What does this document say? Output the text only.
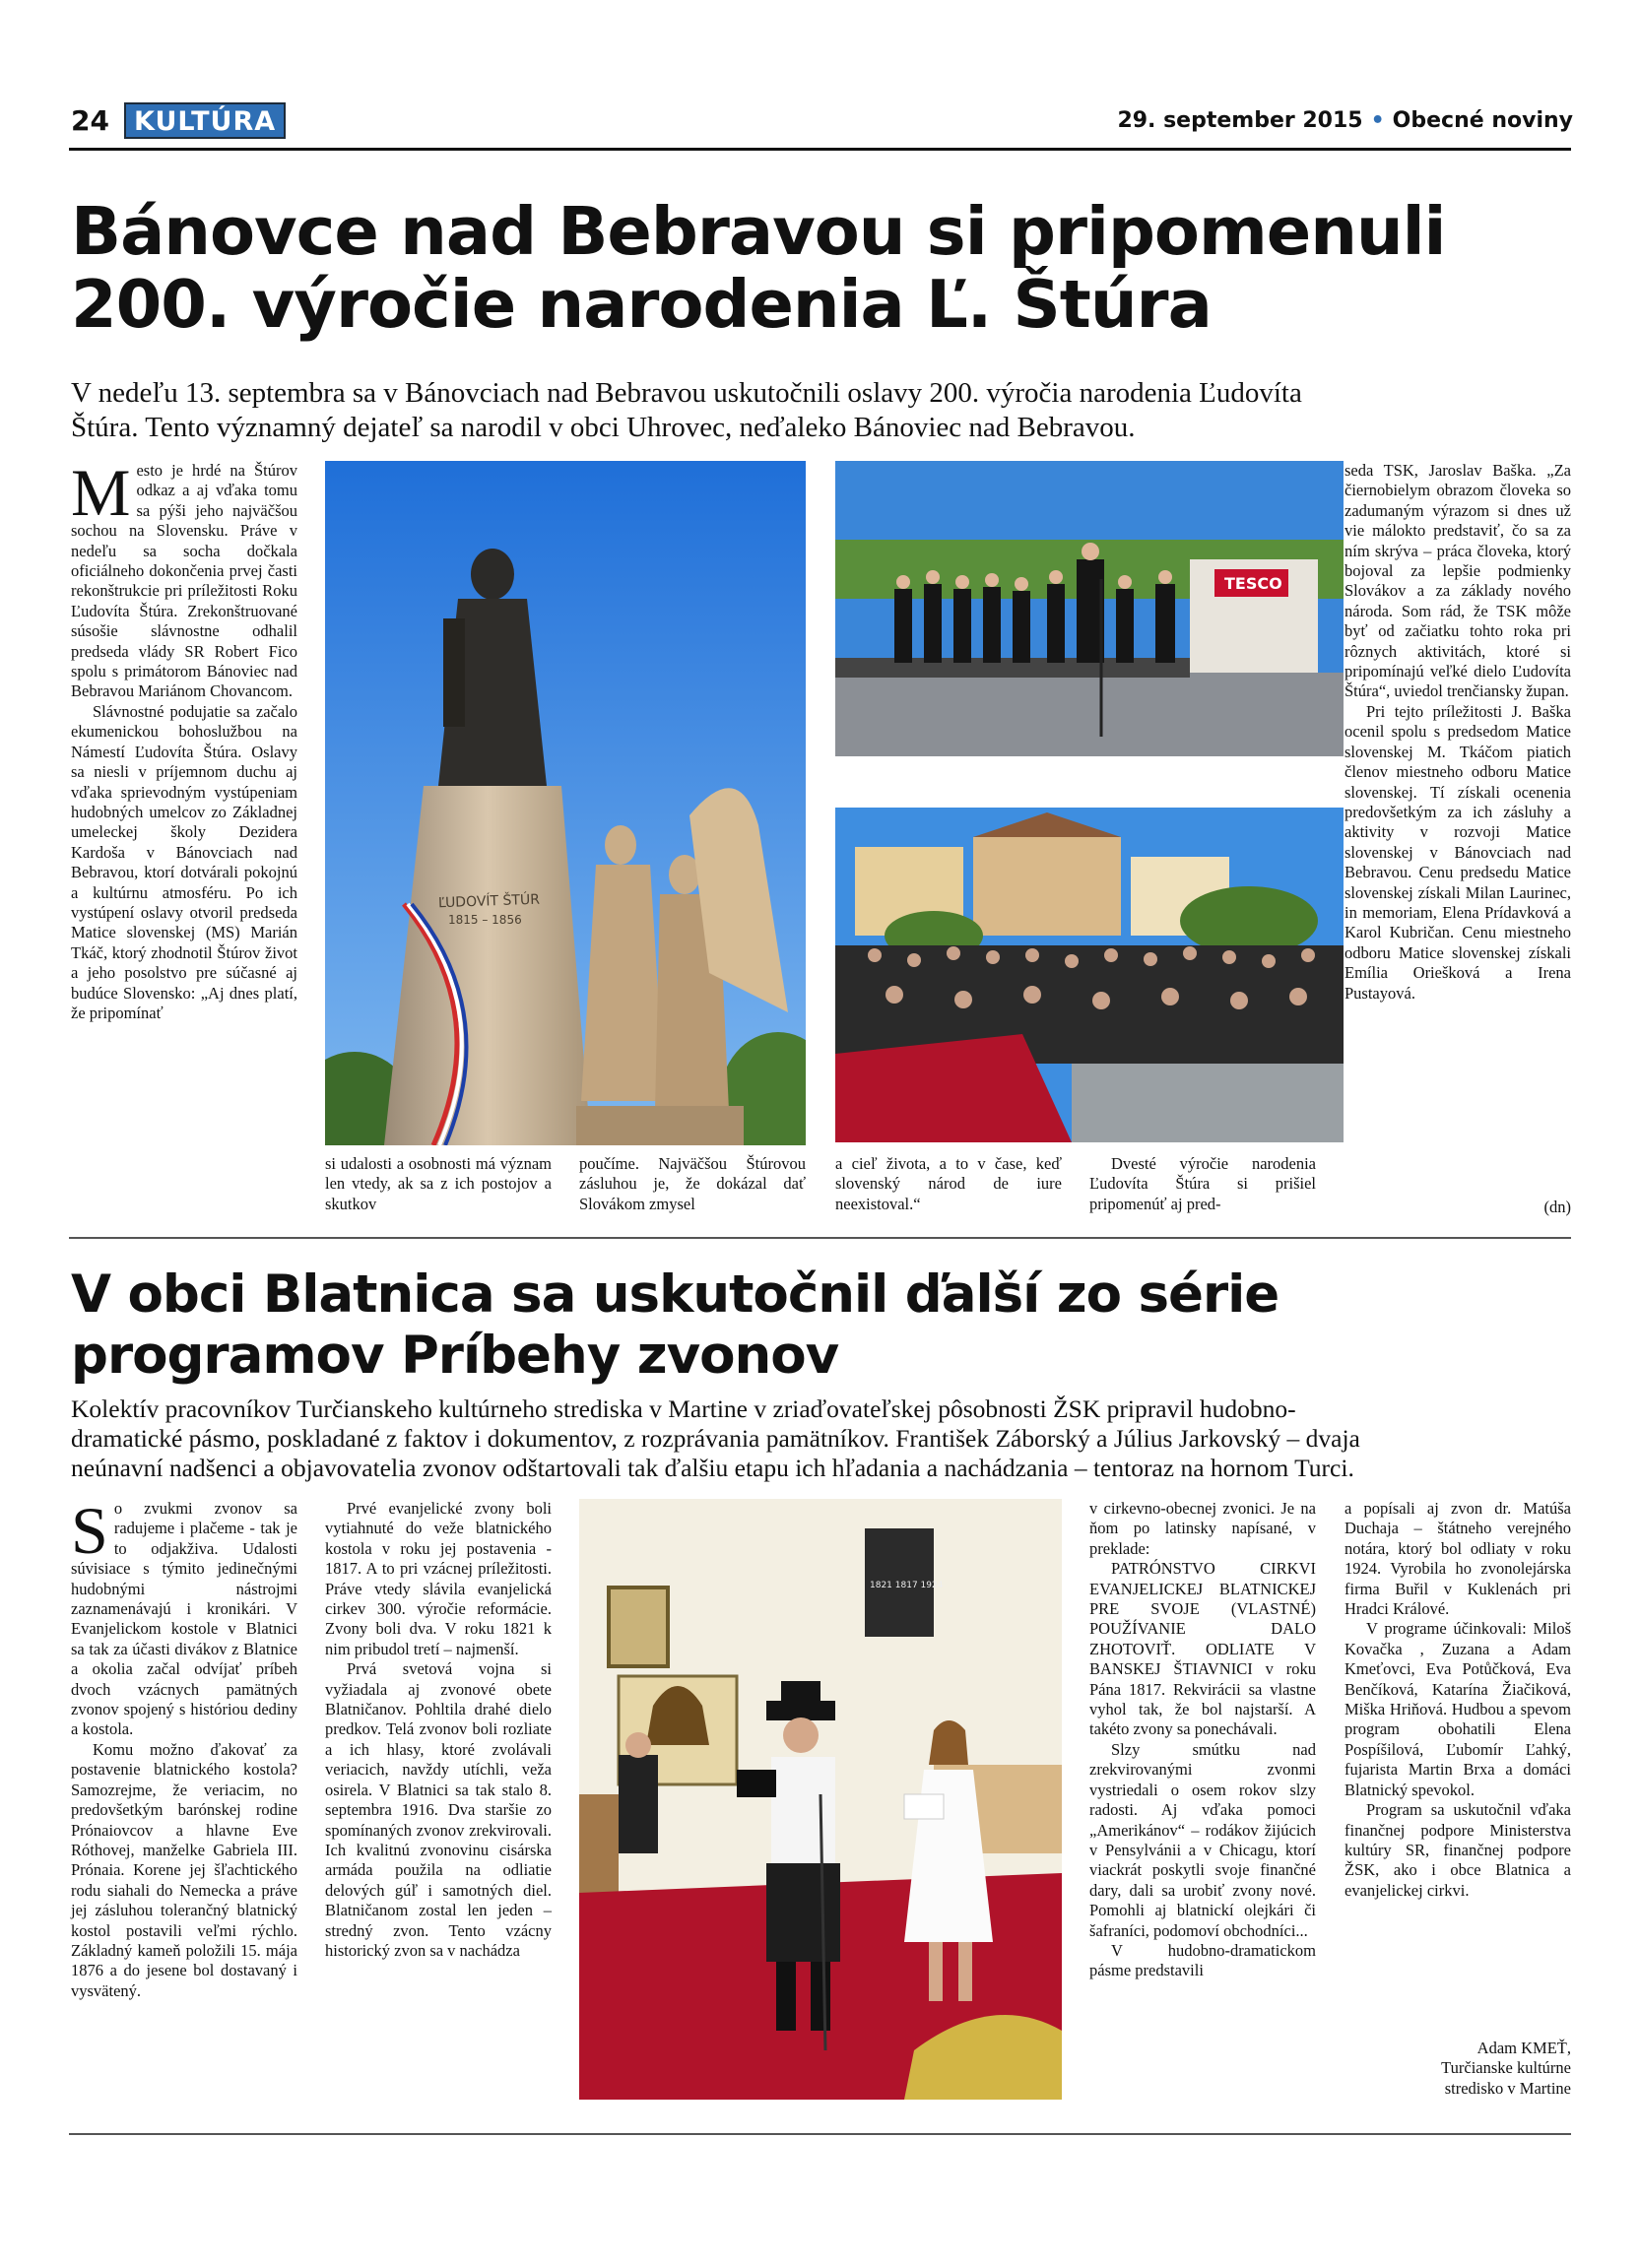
24 KULTÚRA	29. september 2015 • Obecné noviny
Bánovce nad Bebravou si pripomenuli
200. výročie narodenia Ľ. Štúra
V nedeľu 13. septembra sa v Bánovciach nad Bebravou uskutočnili oslavy 200. výročia narodenia Ľudovíta
Štúra. Tento významný dejateľ sa narodil v obci Uhrovec, neďaleko Bánoviec nad Bebravou.
M esto je hrdé na Štúrov odkaz a aj vďaka tomu sa pýši jeho najväčšou sochou na Slovensku. Práve v nedeľu sa socha dočkala oficiálneho dokončenia prvej časti rekonštrukcie pri príležitosti Roku Ľudovíta Štúra. Zrekonštruované súsošie slávnostne odhalil predseda vlády SR Robert Fico spolu s primátorom Bánoviec nad Bebravou Mariánom Chovancom.

Slávnostné podujatie sa začalo ekumenickou bohoslužbou na Námestí Ľudovíta Štúra. Oslavy sa niesli v príjemnom duchu aj vďaka sprievodným vystúpeniam hudobných umelcov zo Základnej umeleckej školy Dezidera Kardoša v Bánovciach nad Bebravou, ktorí dotvárali pokojnú a kultúrnu atmosféru. Po ich vystúpení oslavy otvoril predseda Matice slovenskej (MS) Marián Tkáč, ktorý zhodnotil Štúrov život a jeho posolstvo pre súčasné aj budúce Slovensko: „Aj dnes platí, že pripomínať

ĽUDOVÍT ŠTÚR
1815 – 1856
TESCO

si udalosti a osobnosti má význam len vtedy, ak sa z ich postojov a skutkov

poučíme. Najväčšou Štúrovou zásluhou je, že dokázal dať Slovákom zmysel

a cieľ života, a to v čase, keď slovenský národ de iure neexistoval.“

Dvesté výročie narodenia Ľudovíta Štúra si prišiel pripomenúť aj pred-

seda TSK, Jaroslav Baška. „Za čiernobielym obrazom človeka so zadumaným výrazom si dnes už vie málokto predstaviť, čo sa za ním skrýva – práca človeka, ktorý bojoval za lepšie podmienky Slovákov a za základy nového národa. Som rád, že TSK môže byť od začiatku tohto roka pri rôznych aktivitách, ktoré si pripomínajú veľké dielo Ľudovíta Štúra“, uviedol trenčiansky župan.

Pri tejto príležitosti J. Baška ocenil spolu s predsedom Matice slovenskej M. Tkáčom piatich členov miestneho odboru Matice slovenskej. Tí získali ocenenia predovšetkým za ich zásluhy a aktivity v rozvoji Matice slovenskej v Bánovciach nad Bebravou. Cenu predsedu Matice slovenskej získali Milan Laurinec, in memoriam, Elena Prídavková a Karol Kubričan. Cenu miestneho odboru Matice slovenskej získali Emília Oriešková a Irena Pustayová.

(dn)
V obci Blatnica sa uskutočnil ďalší zo série
programov Príbehy zvonov
Kolektív pracovníkov Turčianskeho kultúrneho strediska v Martine v zriaďovateľskej pôsobnosti ŽSK pripravil hudobno-
dramatické pásmo, poskladané z faktov i dokumentov, z rozprávania pamätníkov. František Záborský a Július Jarkovský – dvaja
neúnavní nadšenci a objavovatelia zvonov odštartovali tak ďalšiu etapu ich hľadania a nachádzania – tentoraz na hornom Turci.
S o zvukmi zvonov sa radujeme i plačeme - tak je to odjakživa. Udalosti súvisiace s týmito jedinečnými hudobnými nástrojmi zaznamenávajú i kronikári. V Evanjelickom kostole v Blatnici sa tak za účasti divákov z Blatnice a okolia začal odvíjať príbeh dvoch vzácnych pamätných zvonov spojený s históriou dediny a kostola.

Komu možno ďakovať za postavenie blatnického kostola? Samozrejme, že veriacim, no predovšetkým barónskej rodine Prónaiovcov a hlavne Eve Róthovej, manželke Gabriela III. Prónaia. Korene jej šľachtického rodu siahali do Nemecka a práve jej zásluhou tolerančný blatnický kostol postavili veľmi rýchlo. Základný kameň položili 15. mája 1876 a do jesene bol dostavaný i vysvätený.

Prvé evanjelické zvony boli vytiahnuté do veže blatnického kostola v roku jej postavenia - 1817. A to pri vzácnej príležitosti. Práve vtedy slávila evanjelická cirkev 300. výročie reformácie. Zvony boli dva. V roku 1821 k nim pribudol tretí – najmenší.

Prvá svetová vojna si vyžiadala aj zvonové obete Blatničanov. Pohltila drahé dielo predkov. Telá zvonov boli rozliate a ich hlasy, ktoré zvolávali veriacich, navždy utíchli, veža osirela. V Blatnici sa tak stalo 8. septembra 1916. Dva staršie zo spomínaných zvonov zrekvirovali. Ich kvalitnú zvonovinu cisárska armáda použila na odliatie delových gúľ i samotných diel. Blatničanom zostal len jeden – stredný zvon. Tento vzácny historický zvon sa v nachádza

1821 1817 1924

v cirkevno-obecnej zvonici. Je na ňom po latinsky napísané, v preklade:

PATRÓNSTVO CIRKVI EVANJELICKEJ BLATNICKEJ PRE SVOJE (VLASTNÉ) POUŽÍVANIE DALO ZHOTOVIŤ. ODLIATE V BANSKEJ ŠTIAVNICI v roku Pána 1817. Rekvirácii sa vlastne vyhol tak, že bol najstarší. A takéto zvony sa ponechávali.

Slzy smútku nad zrekvirovanými zvonmi vystriedali o osem rokov slzy radosti. Aj vďaka pomoci „Amerikánov“ – rodákov žijúcich v Pensylvánii a v Chicagu, ktorí viackrát poskytli svoje finančné dary, dali sa urobiť zvony nové. Pomohli aj blatnickí olejkári či šafraníci, podomoví obchodníci...

V hudobno-dramatickom pásme predstavili

a popísali aj zvon dr. Matúša Duchaja – štátneho verejného notára, ktorý bol odliaty v roku 1924. Vyrobila ho zvonolejárska firma Buřil v Kuklenách pri Hradci Králové.

V programe účinkovali: Miloš Kovačka , Zuzana a Adam Kmeťovci, Eva Potůčková, Eva Benčíková, Katarína Žiačiková, Miška Hriňová. Hudbou a spevom program obohatili Elena Pospíšilová, Ľubomír Ľahký, fujarista Martin Brxa a domáci Blatnický spevokol.

Program sa uskutočnil vďaka finančnej podpore Ministerstva kultúry SR, finančnej podpore ŽSK, ako i obce Blatnica a evanjelickej cirkvi.

Adam KMEŤ,
Turčianske kultúrne
stredisko v Martine
